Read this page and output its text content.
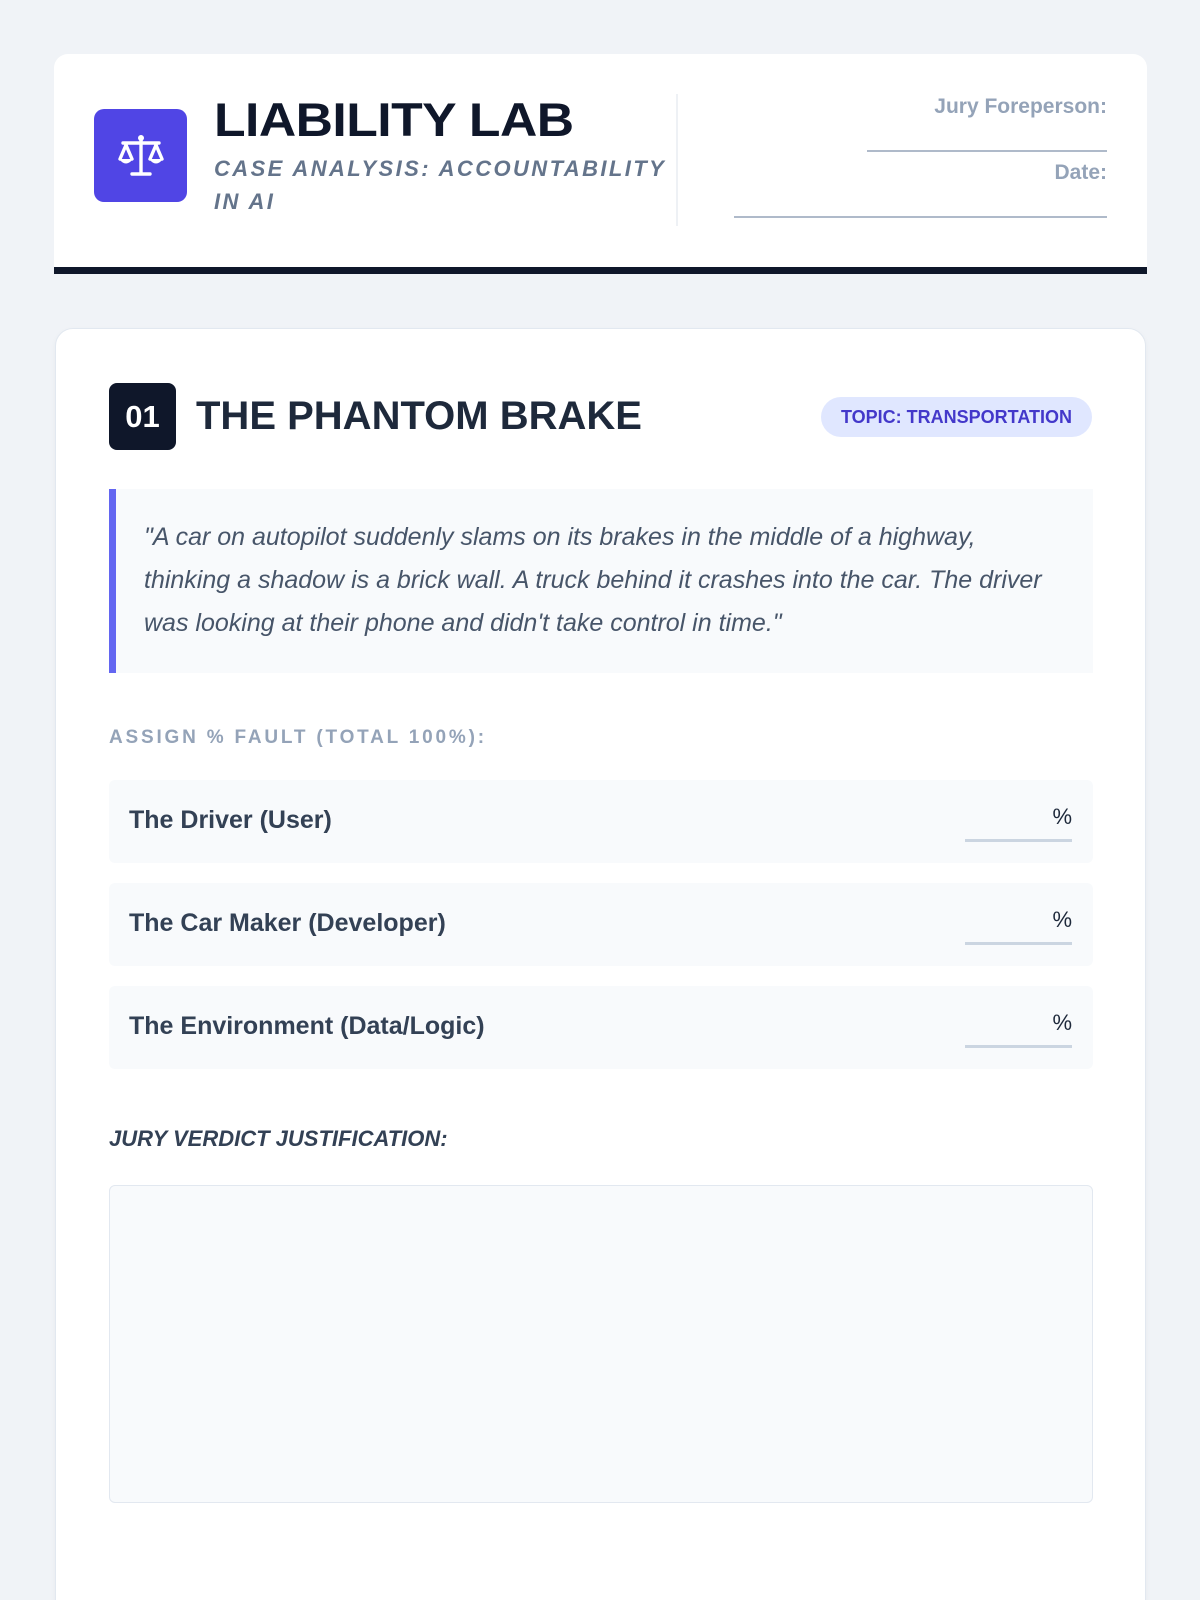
LIABILITY LAB
CASE ANALYSIS: ACCOUNTABILITY IN AI
Jury Foreperson:
Date:
01 THE PHANTOM BRAKE	TOPIC: TRANSPORTATION
"A car on autopilot suddenly slams on its brakes in the middle of a highway, thinking a shadow is a brick wall. A truck behind it crashes into the car. The driver was looking at their phone and didn't take control in time."
ASSIGN % FAULT (TOTAL 100%):
The Driver (User)	%
The Car Maker (Developer)	%
The Environment (Data/Logic)	%
JURY VERDICT JUSTIFICATION:
